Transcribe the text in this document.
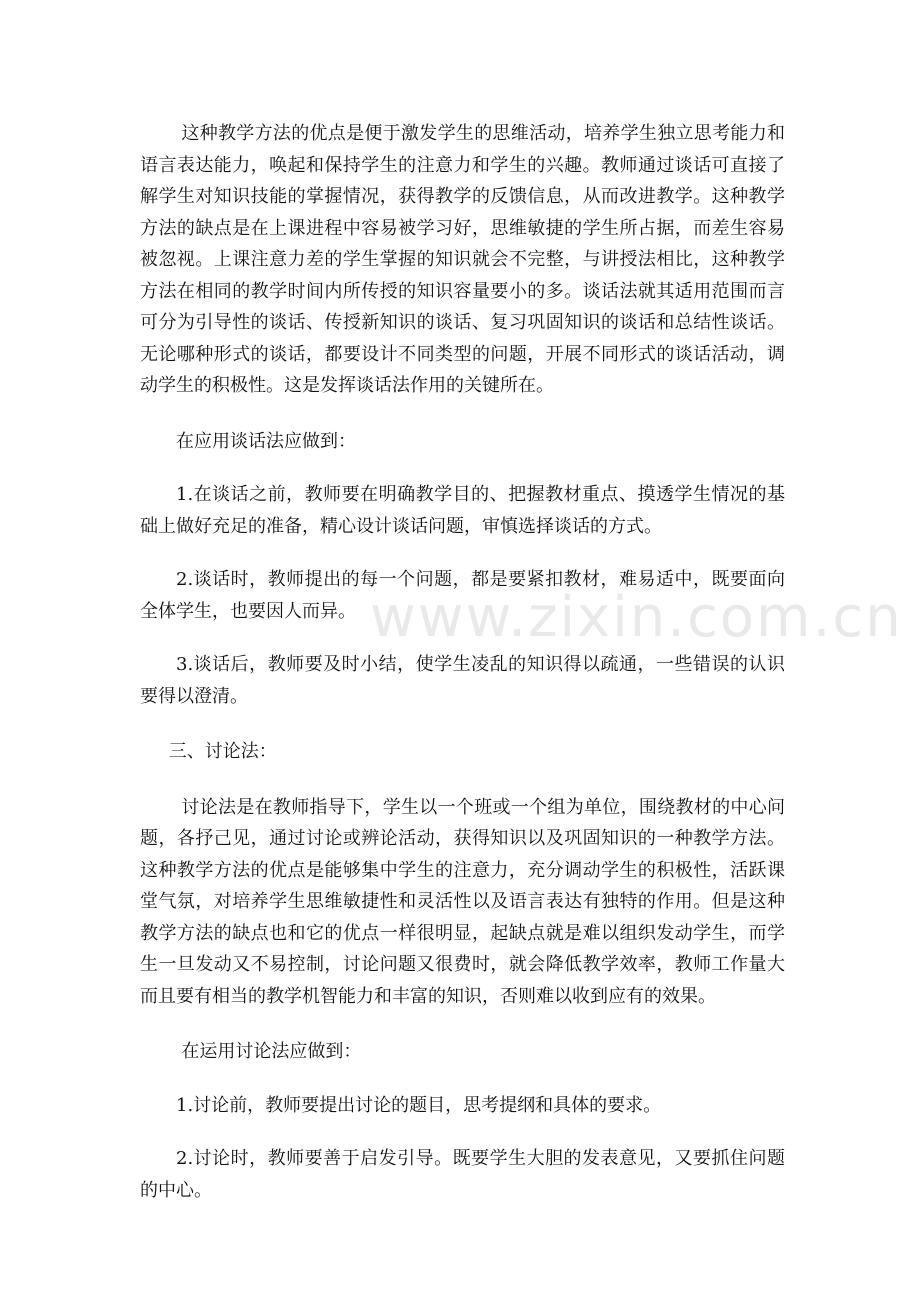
www.zixin.com.cn

这种教学方法的优点是便于激发学生的思维活动，培养学生独立思考能力和语言表达能力，唤起和保持学生的注意力和学生的兴趣。教师通过谈话可直接了解学生对知识技能的掌握情况，获得教学的反馈信息，从而改进教学。这种教学方法的缺点是在上课进程中容易被学习好，思维敏捷的学生所占据，而差生容易被忽视。上课注意力差的学生掌握的知识就会不完整，与讲授法相比，这种教学方法在相同的教学时间内所传授的知识容量要小的多。谈话法就其适用范围而言可分为引导性的谈话、传授新知识的谈话、复习巩固知识的谈话和总结性谈话。无论哪种形式的谈话，都要设计不同类型的问题，开展不同形式的谈话活动，调动学生的积极性。这是发挥谈话法作用的关键所在。

在应用谈话法应做到：

1.在谈话之前，教师要在明确教学目的、把握教材重点、摸透学生情况的基础上做好充足的准备，精心设计谈话问题，审慎选择谈话的方式。

2.谈话时，教师提出的每一个问题，都是要紧扣教材，难易适中，既要面向全体学生，也要因人而异。

3.谈话后，教师要及时小结，使学生凌乱的知识得以疏通，一些错误的认识要得以澄清。

三、讨论法：

讨论法是在教师指导下，学生以一个班或一个组为单位，围绕教材的中心问题，各抒己见，通过讨论或辨论活动，获得知识以及巩固知识的一种教学方法。这种教学方法的优点是能够集中学生的注意力，充分调动学生的积极性，活跃课堂气氛，对培养学生思维敏捷性和灵活性以及语言表达有独特的作用。但是这种教学方法的缺点也和它的优点一样很明显，起缺点就是难以组织发动学生，而学生一旦发动又不易控制，讨论问题又很费时，就会降低教学效率，教师工作量大而且要有相当的教学机智能力和丰富的知识，否则难以收到应有的效果。

在运用讨论法应做到：

1.讨论前，教师要提出讨论的题目，思考提纲和具体的要求。

2.讨论时，教师要善于启发引导。既要学生大胆的发表意见，又要抓住问题的中心。
